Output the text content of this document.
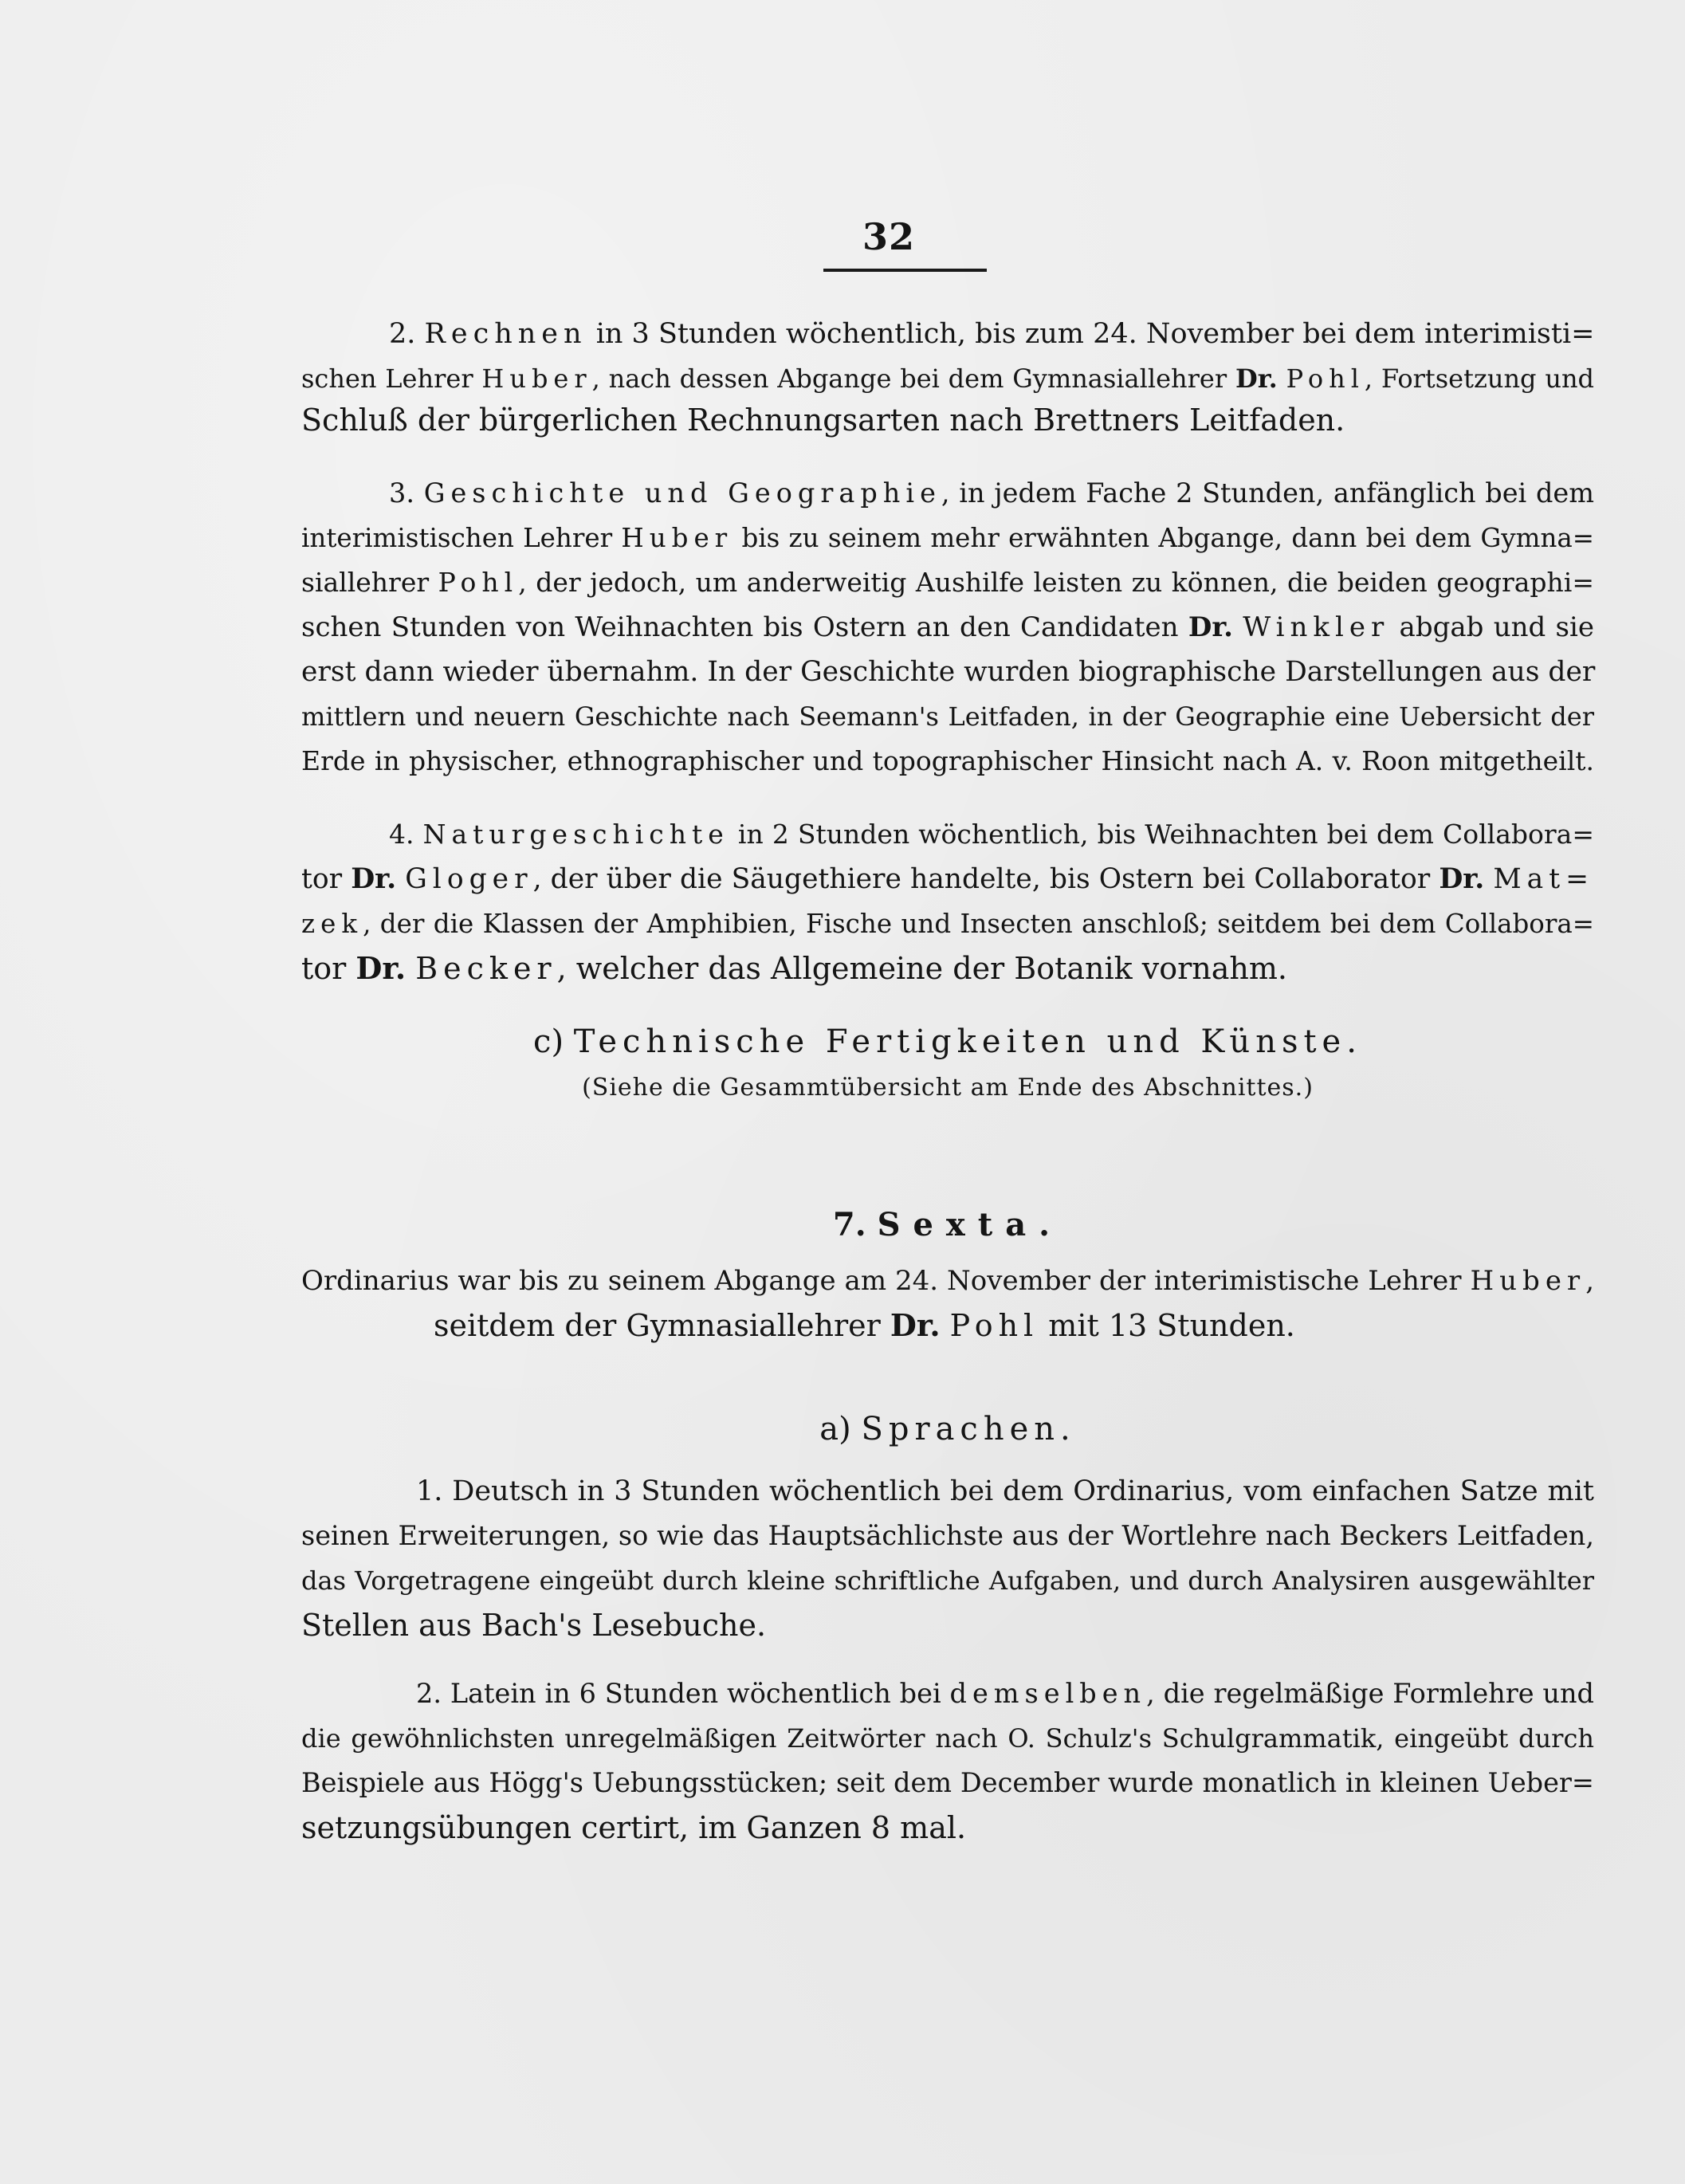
32
2. Rechnen in 3 Stunden wöchentlich, bis zum 24. November bei dem interimisti=
schen Lehrer Huber, nach dessen Abgange bei dem Gymnasiallehrer Dr. Pohl, Fortsetzung und
Schluß der bürgerlichen Rechnungsarten nach Brettners Leitfaden.
3. Geschichte und Geographie, in jedem Fache 2 Stunden, anfänglich bei dem
interimistischen Lehrer Huber bis zu seinem mehr erwähnten Abgange, dann bei dem Gymna=
siallehrer Pohl, der jedoch, um anderweitig Aushilfe leisten zu können, die beiden geographi=
schen Stunden von Weihnachten bis Ostern an den Candidaten Dr. Winkler abgab und sie
erst dann wieder übernahm. In der Geschichte wurden biographische Darstellungen aus der
mittlern und neuern Geschichte nach Seemann's Leitfaden, in der Geographie eine Uebersicht der
Erde in physischer, ethnographischer und topographischer Hinsicht nach A. v. Roon mitgetheilt.
4. Naturgeschichte in 2 Stunden wöchentlich, bis Weihnachten bei dem Collabora=
tor Dr. Gloger, der über die Säugethiere handelte, bis Ostern bei Collaborator Dr. Mat=
zek, der die Klassen der Amphibien, Fische und Insecten anschloß; seitdem bei dem Collabora=
tor Dr. Becker, welcher das Allgemeine der Botanik vornahm.
c) Technische Fertigkeiten und Künste.
(Siehe die Gesammtübersicht am Ende des Abschnittes.)
7. Sexta.
Ordinarius war bis zu seinem Abgange am 24. November der interimistische Lehrer Huber,
seitdem der Gymnasiallehrer Dr. Pohl mit 13 Stunden.
a) Sprachen.
1. Deutsch in 3 Stunden wöchentlich bei dem Ordinarius, vom einfachen Satze mit
seinen Erweiterungen, so wie das Hauptsächlichste aus der Wortlehre nach Beckers Leitfaden,
das Vorgetragene eingeübt durch kleine schriftliche Aufgaben, und durch Analysiren ausgewählter
Stellen aus Bach's Lesebuche.
2. Latein in 6 Stunden wöchentlich bei demselben, die regelmäßige Formlehre und
die gewöhnlichsten unregelmäßigen Zeitwörter nach O. Schulz's Schulgrammatik, eingeübt durch
Beispiele aus Högg's Uebungsstücken; seit dem December wurde monatlich in kleinen Ueber=
setzungsübungen certirt, im Ganzen 8 mal.
